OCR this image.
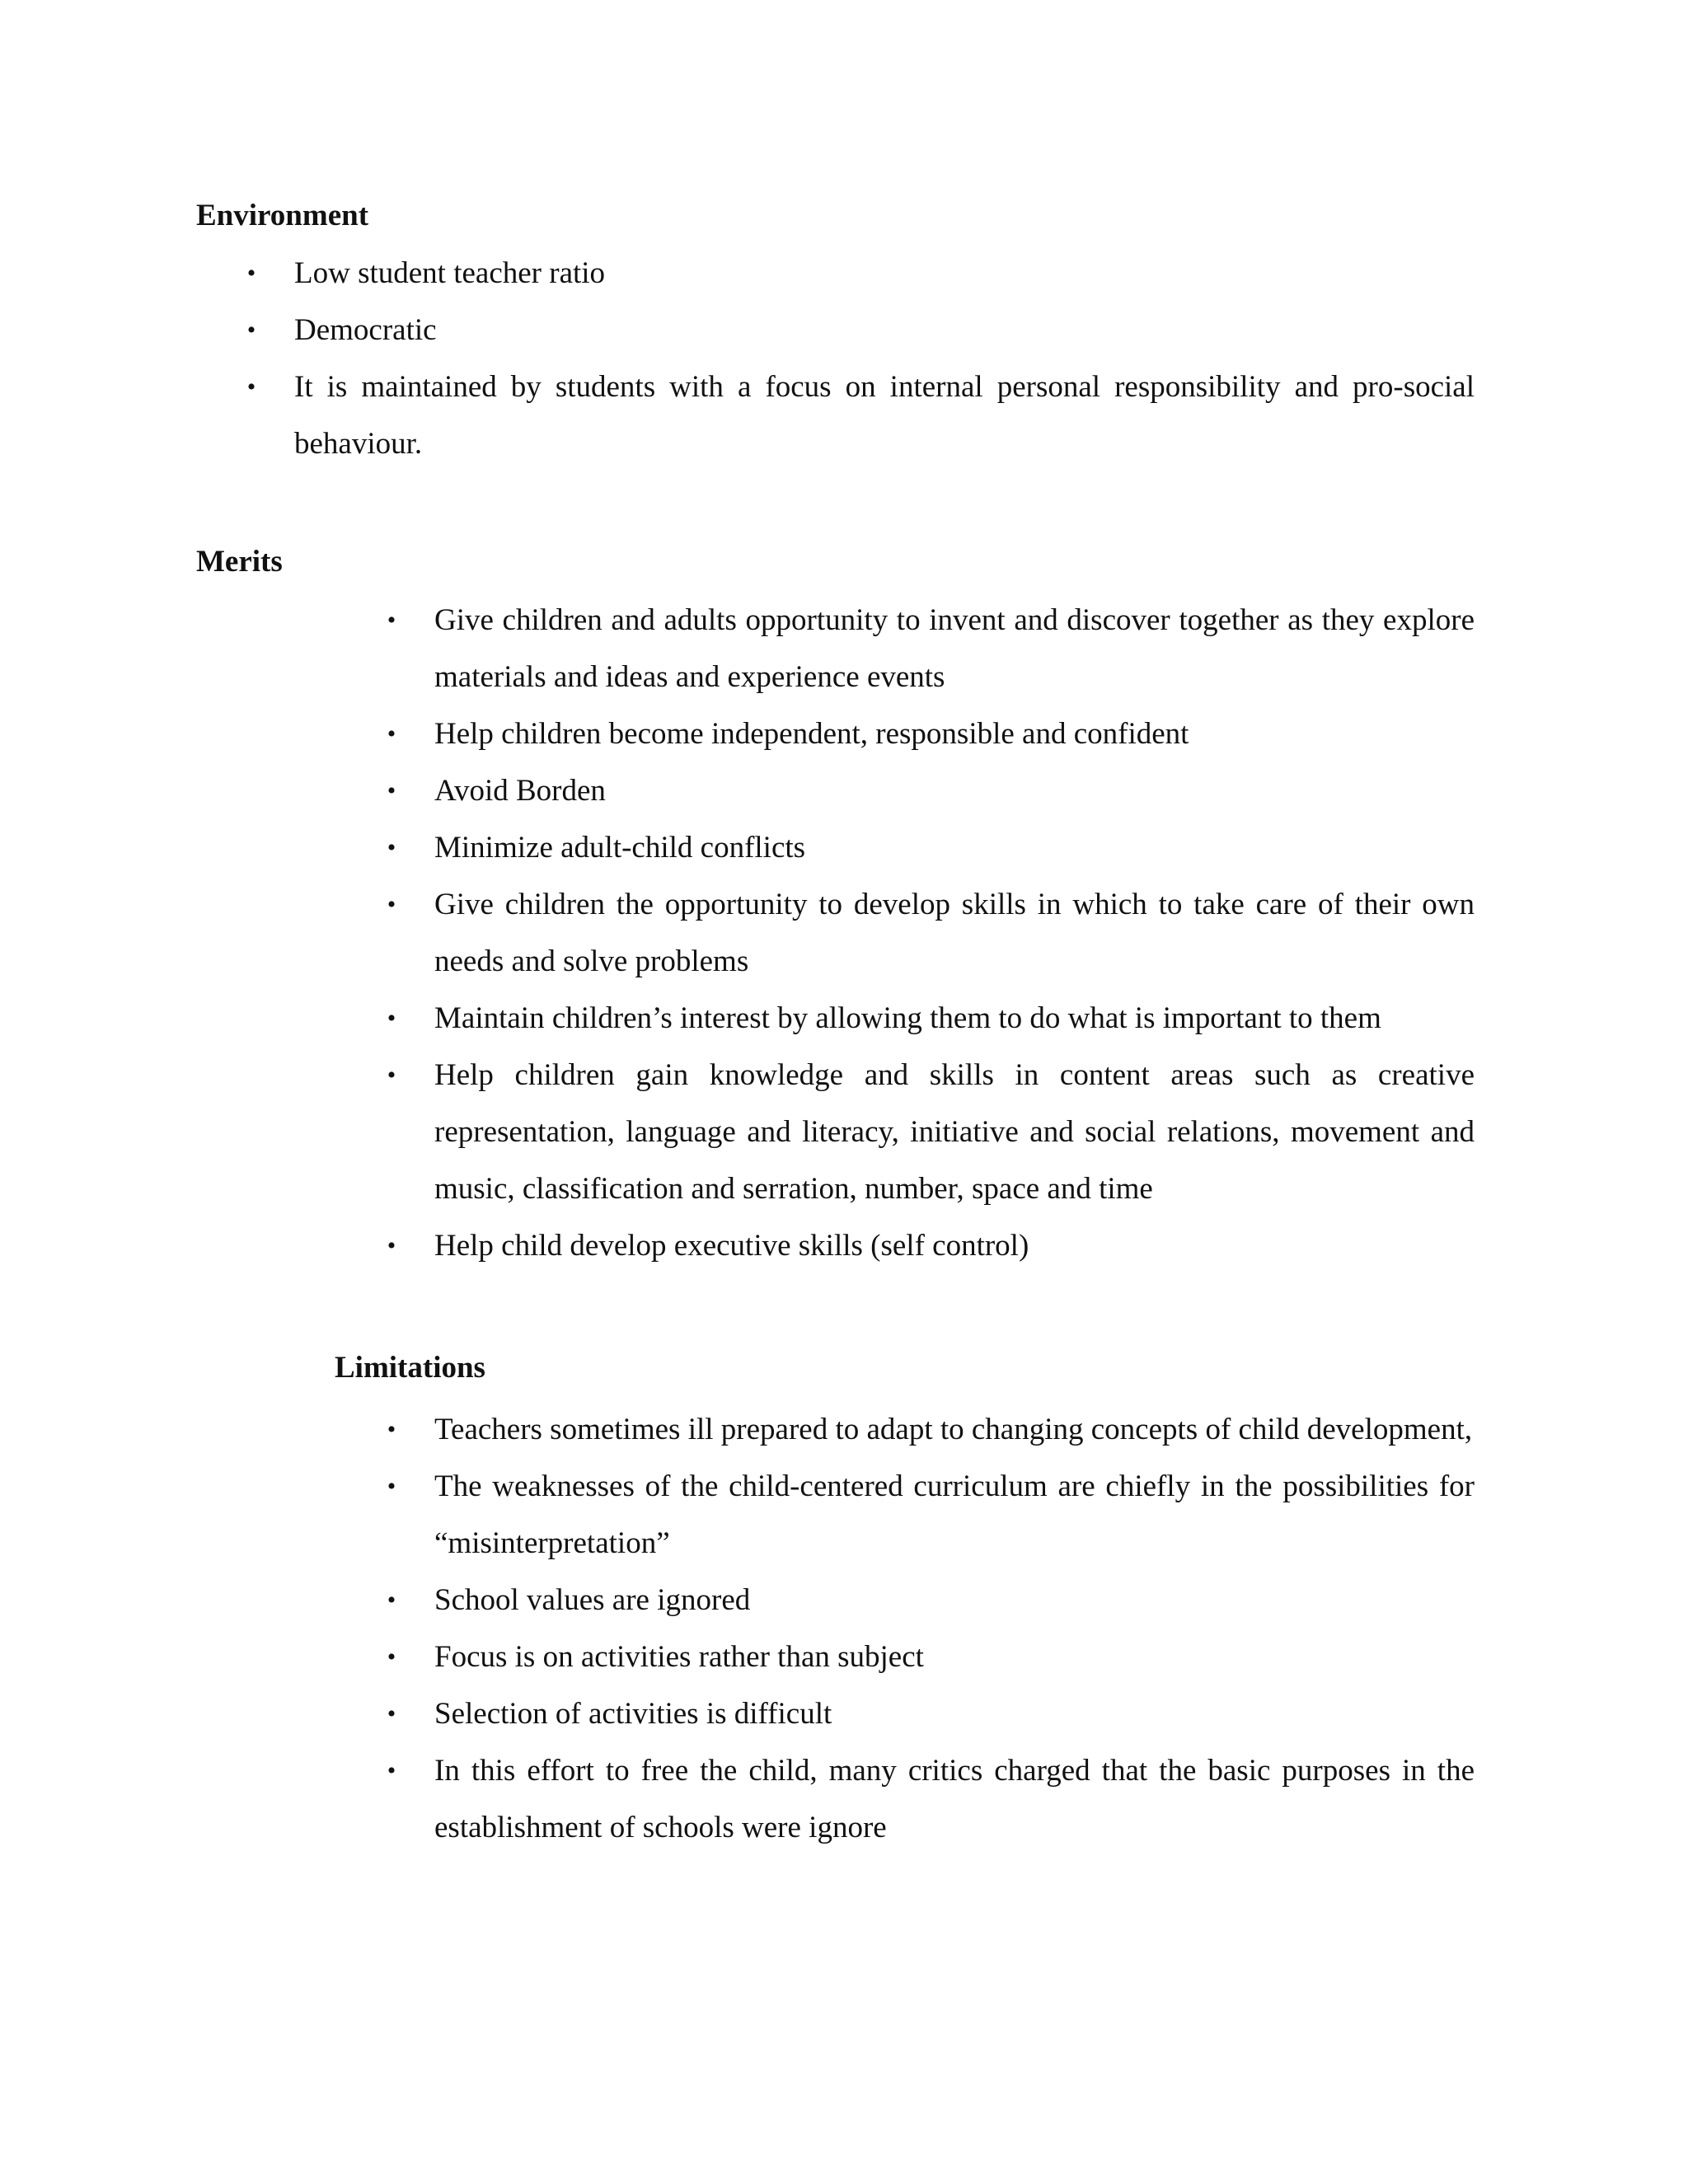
Environment
• Low student teacher ratio
• Democratic
• It is maintained by students with a focus on internal personal responsibility and pro-social behaviour.
Merits
• Give children and adults opportunity to invent and discover together as they explore materials and ideas and experience events
• Help children become independent, responsible and confident
• Avoid Borden
• Minimize adult-child conflicts
• Give children the opportunity to develop skills in which to take care of their own needs and solve problems
• Maintain children’s interest by allowing them to do what is important to them
• Help children gain knowledge and skills in content areas such as creative representation, language and literacy, initiative and social relations, movement and music, classification and serration, number, space and time
• Help child develop executive skills (self control)
Limitations
• Teachers sometimes ill prepared to adapt to changing concepts of child development,
• The weaknesses of the child-centered curriculum are chiefly in the possibilities for “misinterpretation”
• School values are ignored
• Focus is on activities rather than subject
• Selection of activities is difficult
• In this effort to free the child, many critics charged that the basic purposes in the establishment of schools were ignore
